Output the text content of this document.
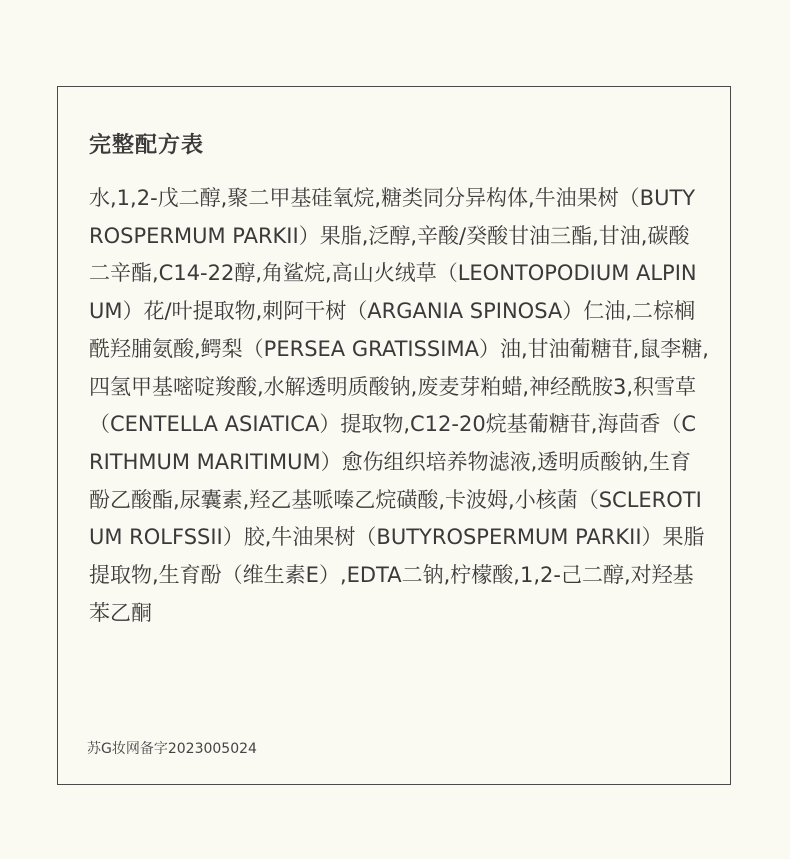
完整配方表
水,1,2-戊二醇,聚二甲基硅氧烷,糖类同分异构体,牛油果树（BUTYROSPERMUM PARKII）果脂,泛醇,辛酸/癸酸甘油三酯,甘油,碳酸二辛酯,C14-22醇,角鲨烷,高山火绒草（LEONTOPODIUM ALPINUM）花/叶提取物,刺阿干树（ARGANIA SPINOSA）仁油,二棕榈酰羟脯氨酸,鳄梨（PERSEA GRATISSIMA）油,甘油葡糖苷,鼠李糖,四氢甲基嘧啶羧酸,水解透明质酸钠,废麦芽粕蜡,神经酰胺3,积雪草（CENTELLA ASIATICA）提取物,C12-20烷基葡糖苷,海茴香（CRITHMUM MARITIMUM）愈伤组织培养物滤液,透明质酸钠,生育酚乙酸酯,尿囊素,羟乙基哌嗪乙烷磺酸,卡波姆,小核菌（SCLEROTIUM ROLFSSII）胶,牛油果树（BUTYROSPERMUM PARKII）果脂提取物,生育酚（维生素E）,EDTA二钠,柠檬酸,1,2-己二醇,对羟基苯乙酮
苏G妆网备字2023005024
